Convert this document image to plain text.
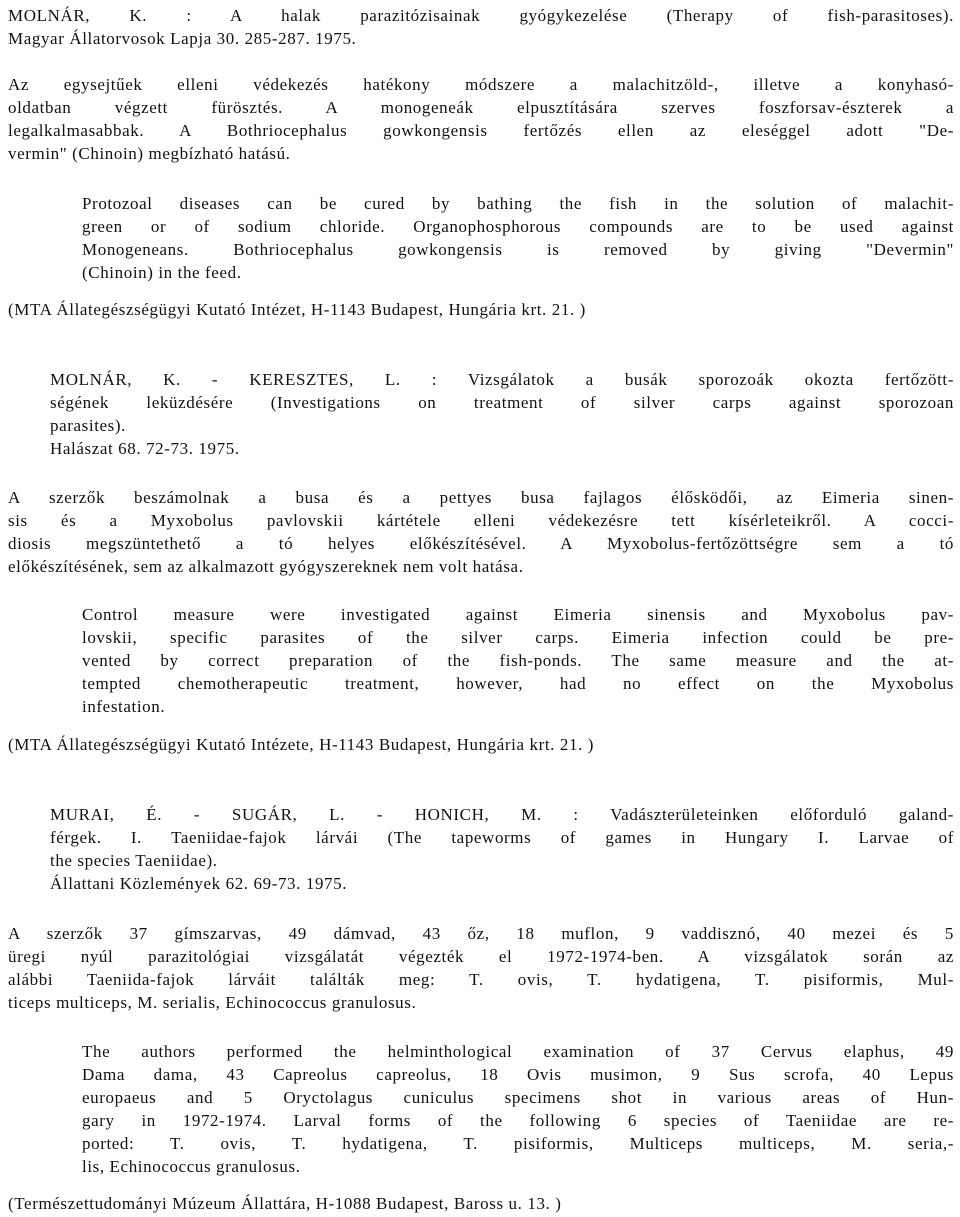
MOLNÁR, K. : A halak parazitózisainak gyógykezelése (Therapy of fish-parasitoses).
Magyar Állatorvosok Lapja 30. 285-287. 1975.
Az egysejtűek elleni védekezés hatékony módszere a malachitzöld-, illetve a konyhasó-
oldatban végzett fürösztés. A monogeneák elpusztítására szerves foszforsav-észterek a
legalkalmasabbak. A Bothriocephalus gowkongensis fertőzés ellen az eleséggel adott "De-
vermin" (Chinoin) megbízható hatású.
Protozoal diseases can be cured by bathing the fish in the solution of malachit-
green or of sodium chloride. Organophosphorous compounds are to be used against
Monogeneans. Bothriocephalus gowkongensis is removed by giving "Devermin"
(Chinoin) in the feed.
(MTA Állategészségügyi Kutató Intézet, H-1143 Budapest, Hungária krt. 21. )
MOLNÁR, K. - KERESZTES, L. : Vizsgálatok a busák sporozoák okozta fertőzött-
ségének leküzdésére (Investigations on treatment of silver carps against sporozoan
parasites).
Halászat 68. 72-73. 1975.
A szerzők beszámolnak a busa és a pettyes busa fajlagos élősködői, az Eimeria sinen-
sis és a Myxobolus pavlovskii kártétele elleni védekezésre tett kísérleteikről. A cocci-
diosis megszüntethető a tó helyes előkészítésével. A Myxobolus-fertőzöttségre sem a tó
előkészítésének, sem az alkalmazott gyógyszereknek nem volt hatása.
Control measure were investigated against Eimeria sinensis and Myxobolus pav-
lovskii, specific parasites of the silver carps. Eimeria infection could be pre-
vented by correct preparation of the fish-ponds. The same measure and the at-
tempted chemotherapeutic treatment, however, had no effect on the Myxobolus
infestation.
(MTA Állategészségügyi Kutató Intézete, H-1143 Budapest, Hungária krt. 21. )
MURAI, É. - SUGÁR, L. - HONICH, M. : Vadászterületeinken előforduló galand-
férgek. I. Taeniidae-fajok lárvái (The tapeworms of games in Hungary I. Larvae of
the species Taeniidae).
Állattani Közlemények 62. 69-73. 1975.
A szerzők 37 gímszarvas, 49 dámvad, 43 őz, 18 muflon, 9 vaddisznó, 40 mezei és 5
üregi nyúl parazitológiai vizsgálatát végezték el 1972-1974-ben. A vizsgálatok során az
alábbi Taeniida-fajok lárváit találták meg: T. ovis, T. hydatigena, T. pisiformis, Mul-
ticeps multiceps, M. serialis, Echinococcus granulosus.
The authors performed the helminthological examination of 37 Cervus elaphus, 49
Dama dama, 43 Capreolus capreolus, 18 Ovis musimon, 9 Sus scrofa, 40 Lepus
europaeus and 5 Oryctolagus cuniculus specimens shot in various areas of Hun-
gary in 1972-1974. Larval forms of the following 6 species of Taeniidae are re-
ported: T. ovis, T. hydatigena, T. pisiformis, Multiceps multiceps, M. seria,-
lis, Echinococcus granulosus.
(Természettudományi Múzeum Állattára, H-1088 Budapest, Baross u. 13. )
